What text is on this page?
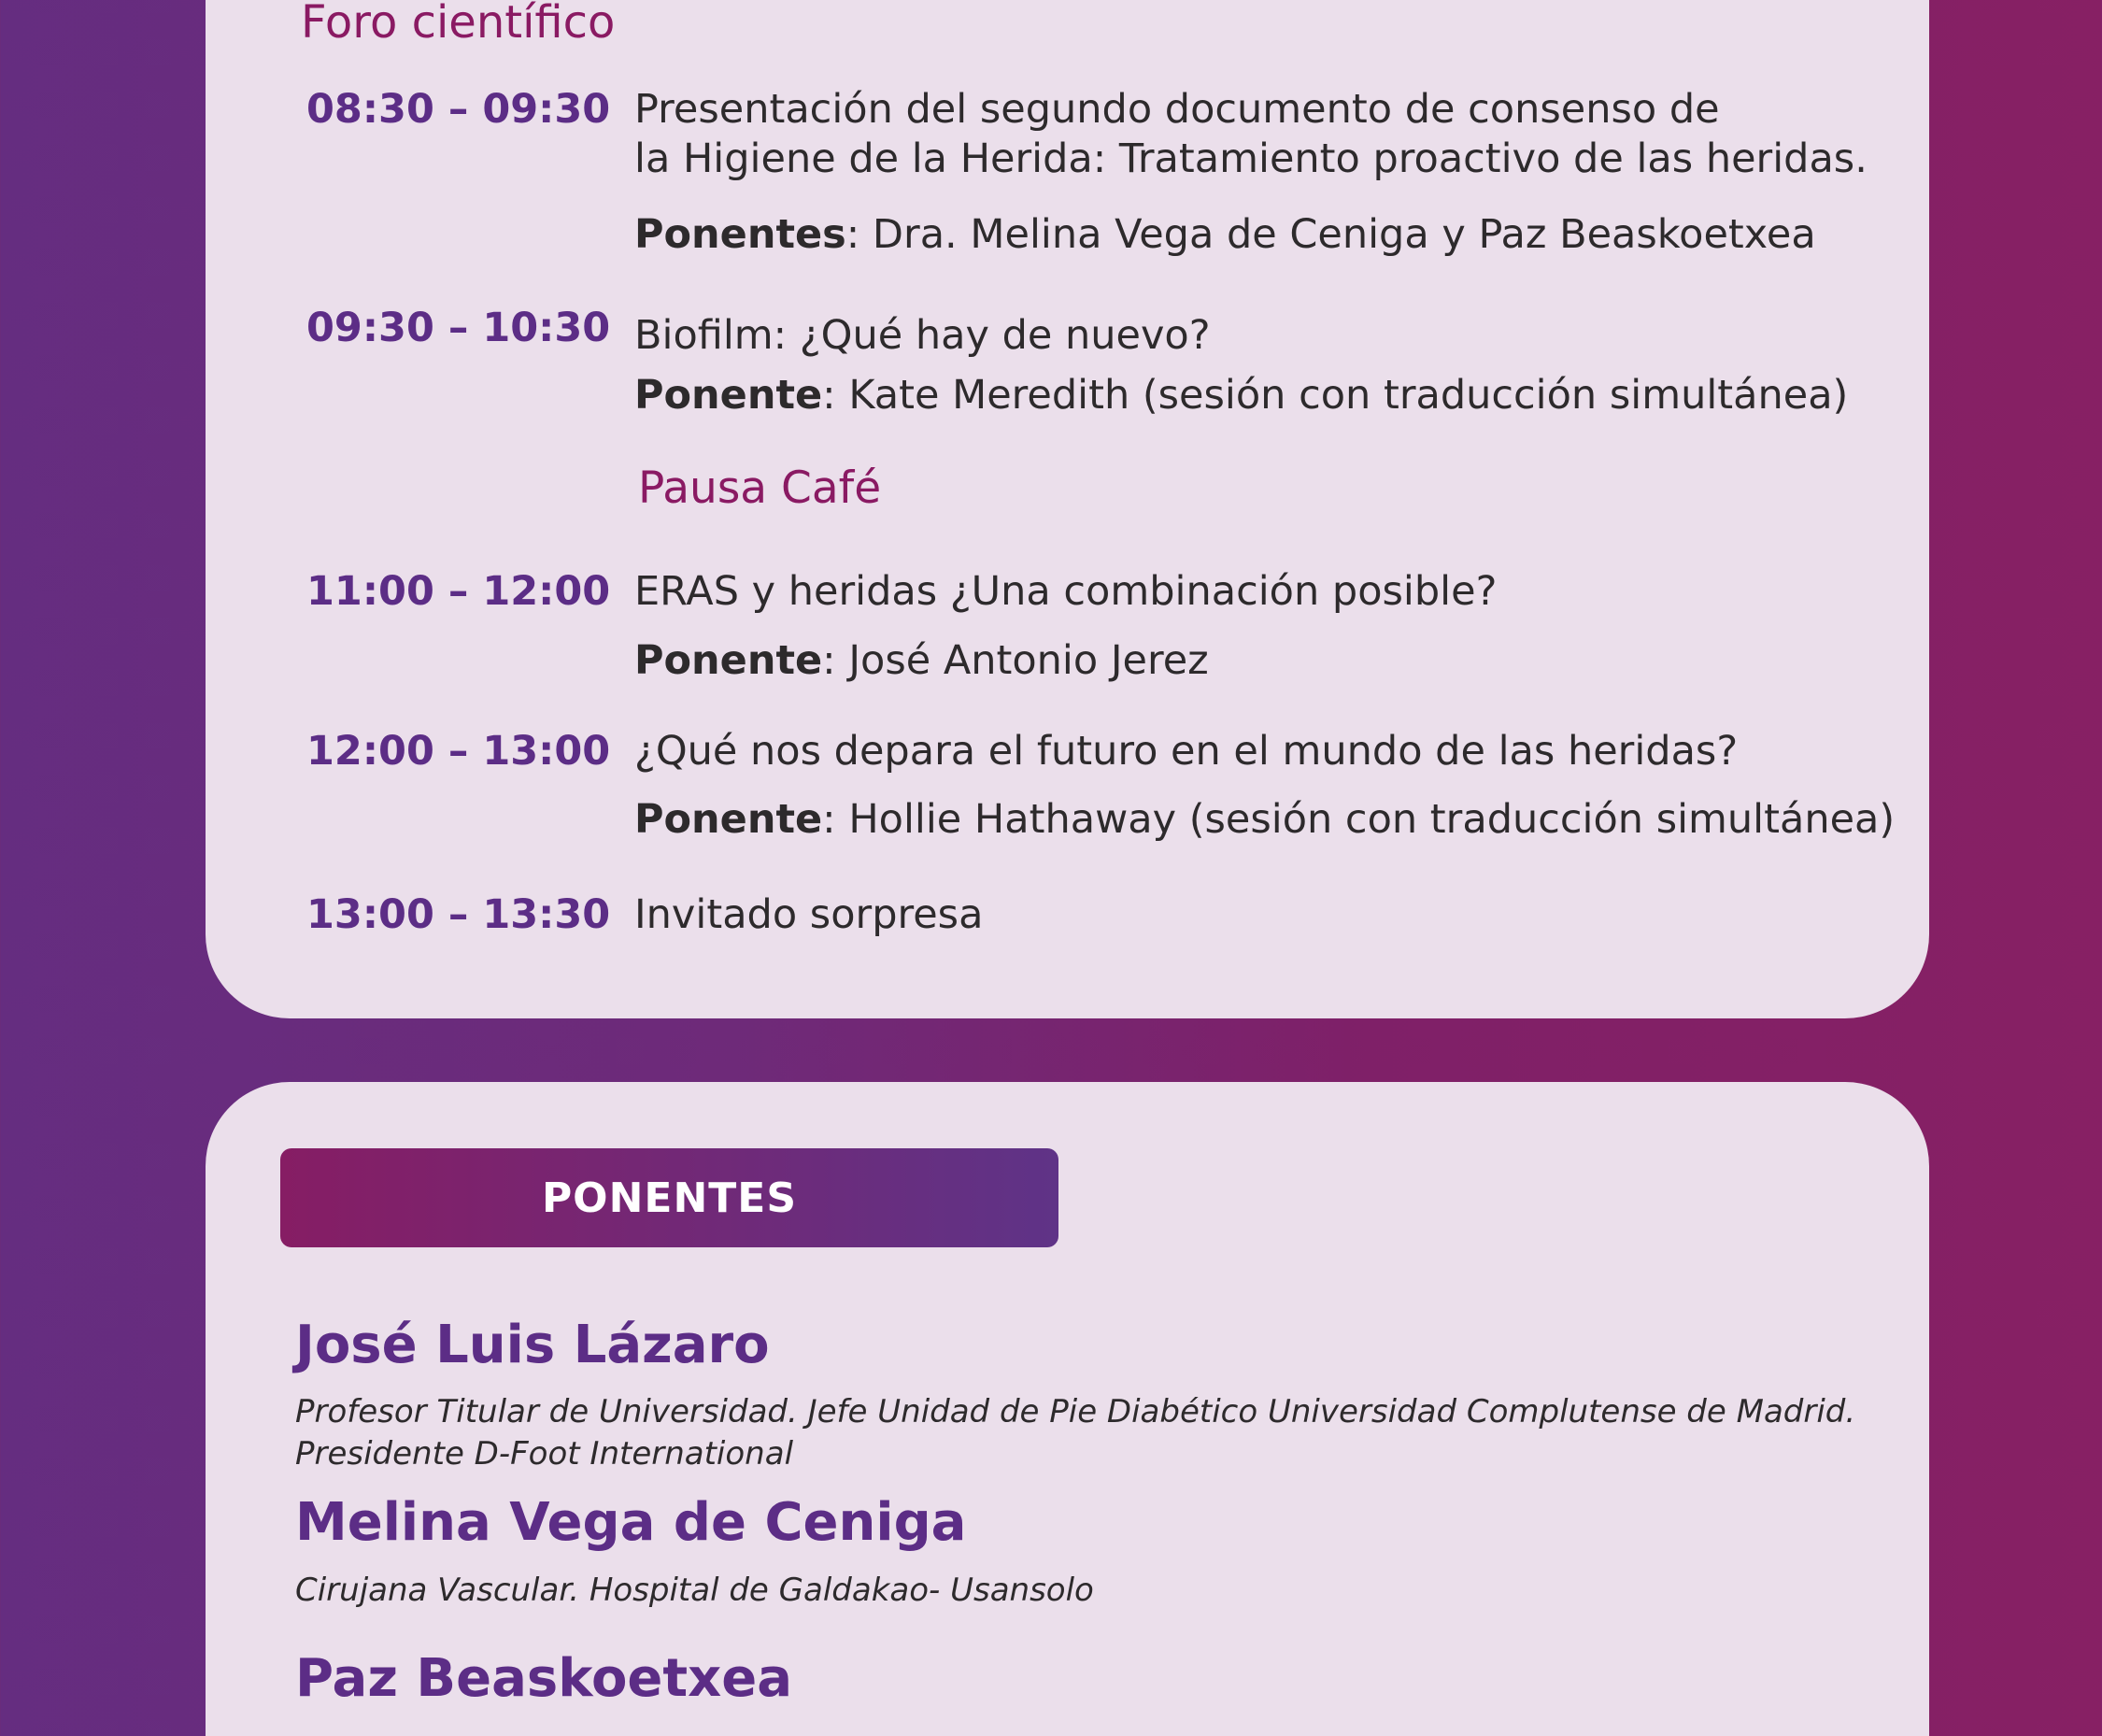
Foro científico
08:30 – 09:30 Presentación del segundo documento de consenso de
la Higiene de la Herida: Tratamiento proactivo de las heridas.
Ponentes: Dra. Melina Vega de Ceniga y Paz Beaskoetxea
09:30 – 10:30 Biofilm: ¿Qué hay de nuevo?
Ponente: Kate Meredith (sesión con traducción simultánea)
Pausa Café
11:00 – 12:00 ERAS y heridas ¿Una combinación posible?
Ponente: José Antonio Jerez
12:00 – 13:00 ¿Qué nos depara el futuro en el mundo de las heridas?
Ponente: Hollie Hathaway (sesión con traducción simultánea)
13:00 – 13:30 Invitado sorpresa
PONENTES
José Luis Lázaro
Profesor Titular de Universidad. Jefe Unidad de Pie Diabético Universidad Complutense de Madrid.
Presidente D-Foot International
Melina Vega de Ceniga
Cirujana Vascular. Hospital de Galdakao- Usansolo
Paz Beaskoetxea
